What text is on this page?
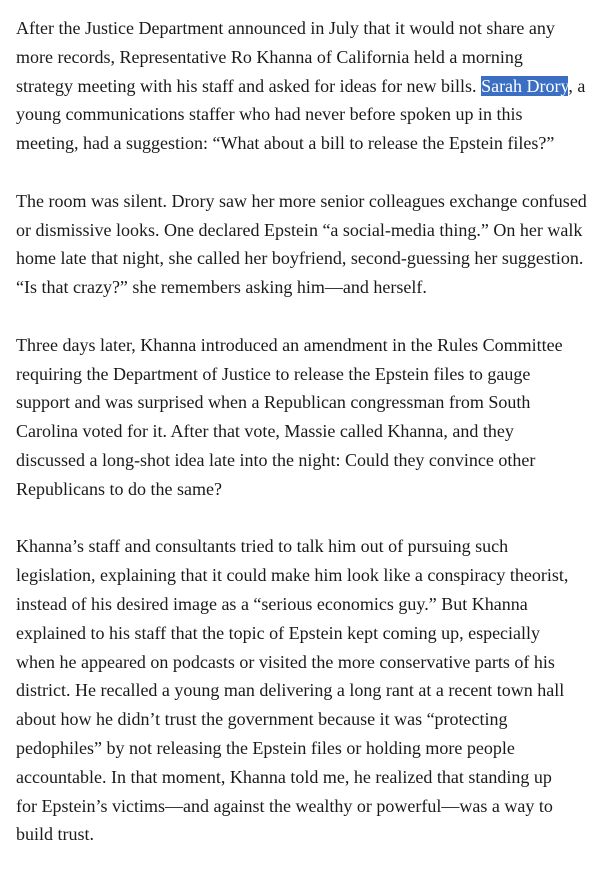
After the Justice Department announced in July that it would not share any
more records, Representative Ro Khanna of California held a morning
strategy meeting with his staff and asked for ideas for new bills. Sarah Drory, a
young communications staffer who had never before spoken up in this
meeting, had a suggestion: “What about a bill to release the Epstein files?”

The room was silent. Drory saw her more senior colleagues exchange confused
or dismissive looks. One declared Epstein “a social-media thing.” On her walk
home late that night, she called her boyfriend, second-guessing her suggestion.
“Is that crazy?” she remembers asking him—and herself.

Three days later, Khanna introduced an amendment in the Rules Committee
requiring the Department of Justice to release the Epstein files to gauge
support and was surprised when a Republican congressman from South
Carolina voted for it. After that vote, Massie called Khanna, and they
discussed a long-shot idea late into the night: Could they convince other
Republicans to do the same?

Khanna’s staff and consultants tried to talk him out of pursuing such
legislation, explaining that it could make him look like a conspiracy theorist,
instead of his desired image as a “serious economics guy.” But Khanna
explained to his staff that the topic of Epstein kept coming up, especially
when he appeared on podcasts or visited the more conservative parts of his
district. He recalled a young man delivering a long rant at a recent town hall
about how he didn’t trust the government because it was “protecting
pedophiles” by not releasing the Epstein files or holding more people
accountable. In that moment, Khanna told me, he realized that standing up
for Epstein’s victims—and against the wealthy or powerful—was a way to
build trust.
